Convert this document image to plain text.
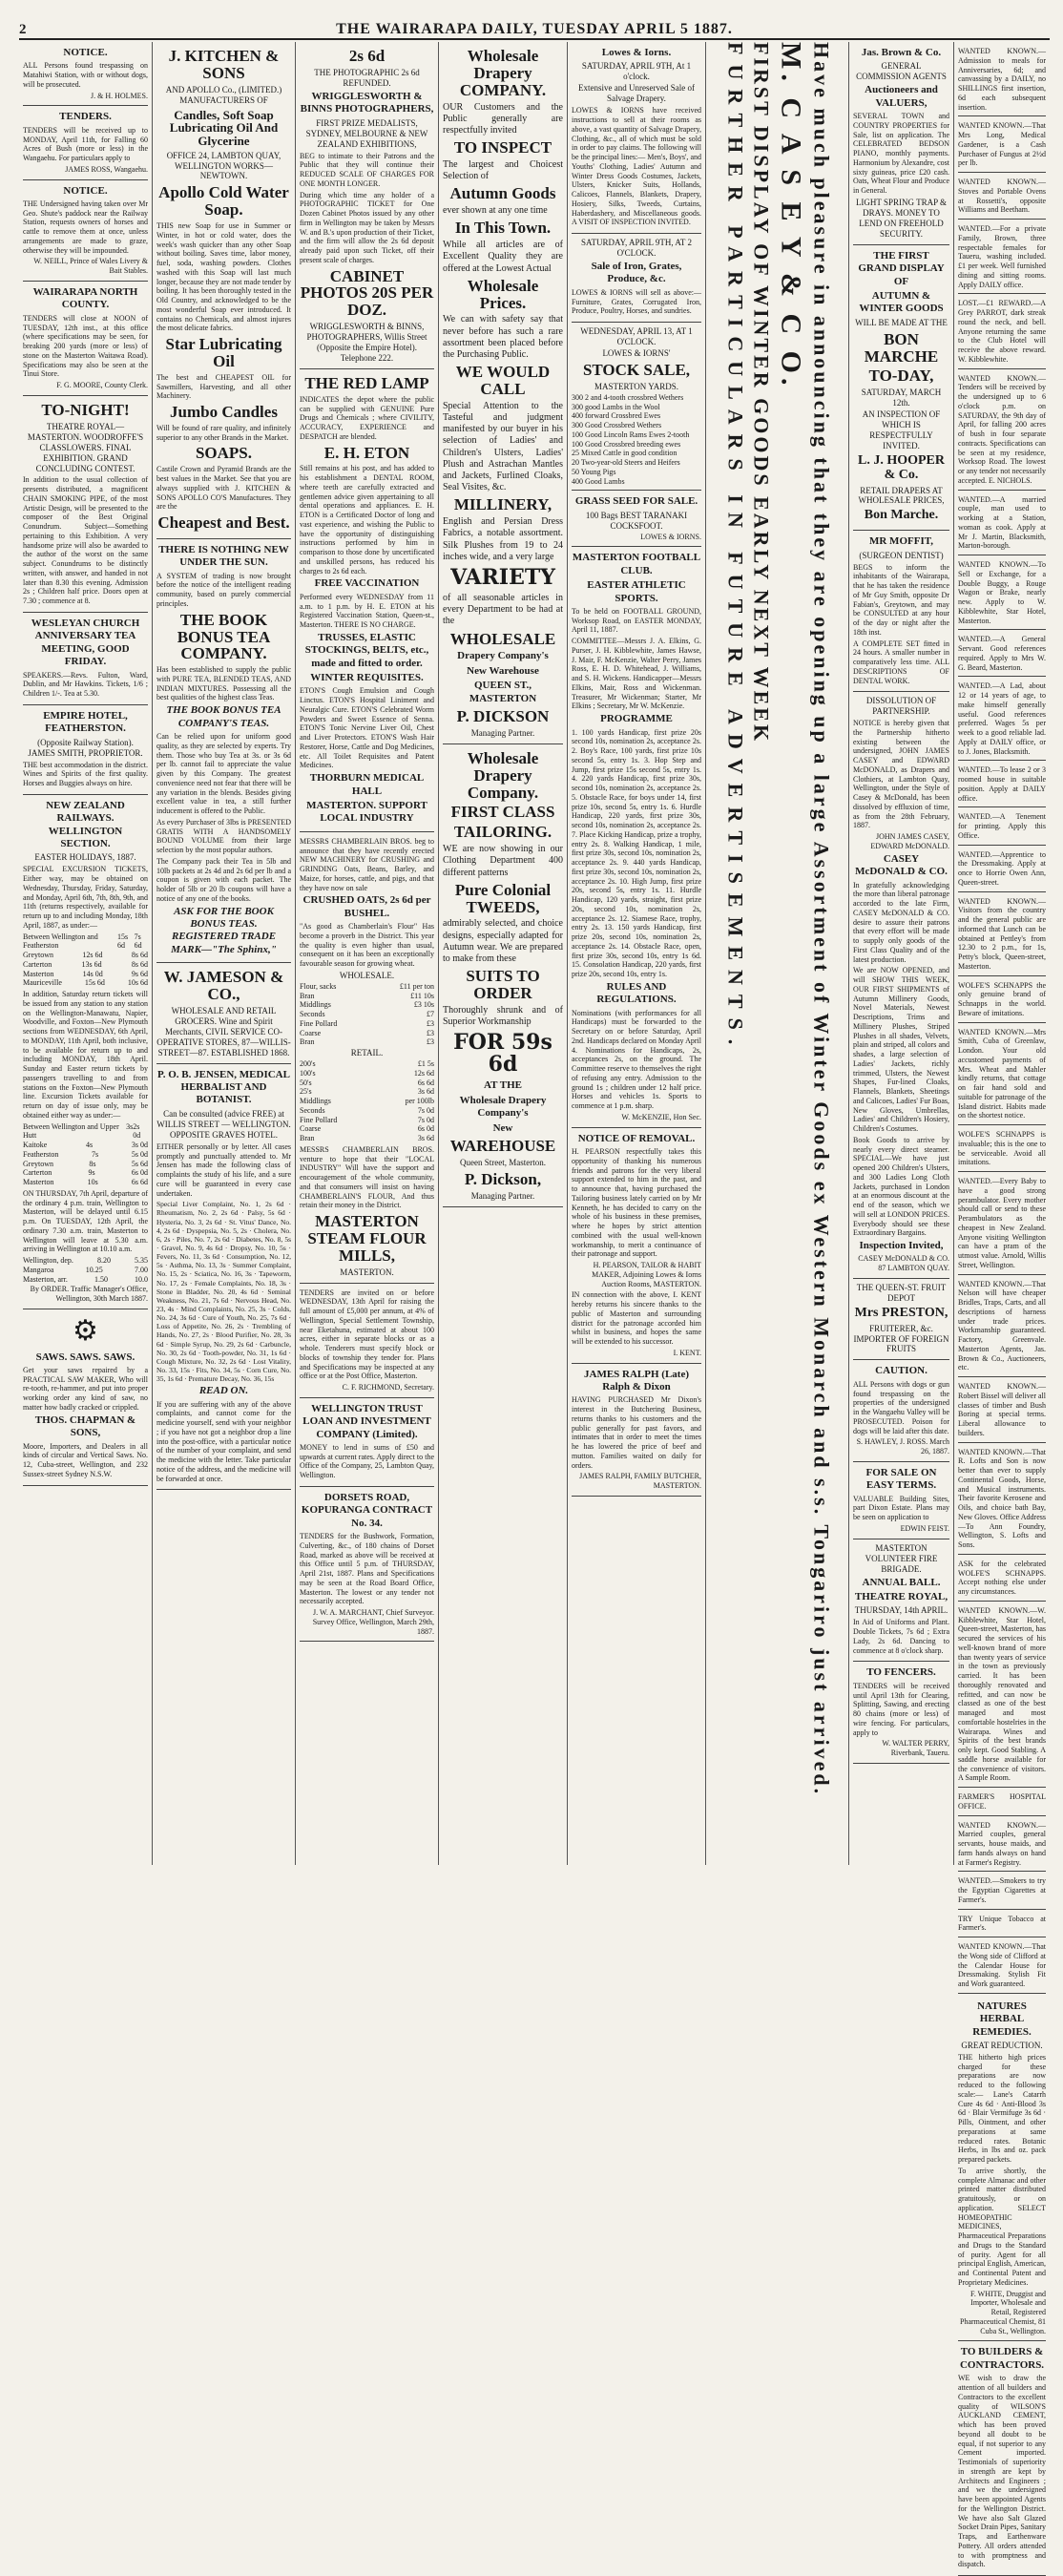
2	THE WAIRARAPA DAILY, TUESDAY APRIL 5 1887.
NOTICE.
ALL Persons found trespassing on Matahiwi Station, with or without dogs, will be prosecuted.
J. & H. HOLMES.
TENDERS.
TENDERS will be received up to MONDAY, April 11th, for Falling 60 Acres of Bush (more or less) in the Wangaehu. For particulars apply to
JAMES ROSS, Wangaehu.
NOTICE.
THE Undersigned having taken over Mr Geo. Shute's paddock near the Railway Station, requests owners of horses and cattle to remove them at once, unless arrangements are made to graze, otherwise they will be impounded.
W. NEILL, Prince of Wales Livery & Bait Stables.
WAIRARAPA NORTH COUNTY.
TENDERS will close at NOON of TUESDAY, 12th inst., at this office (where specifications may be seen, for breaking 200 yards (more or less) of stone on the Masterton Waitawa Road). Specifications may also be seen at the Tinui Store.
F. G. MOORE, County Clerk.
TO-NIGHT!
THEATRE ROYAL—MASTERTON. WOODROFFE'S CLASSLOWERS. FINAL EXHIBITION. GRAND CONCLUDING CONTEST.
In addition to the usual collection of presents distributed, a magnificent CHAIN SMOKING PIPE, of the most Artistic Design, will be presented to the composer of the Best Original Conundrum. Subject—Something pertaining to this Exhibition. A very handsome prize will also be awarded to the author of the worst on the same subject. Conundrums to be distinctly written, with answer, and handed in not later than 8.30 this evening. Admission 2s ; Children half price. Doors open at 7.30 ; commence at 8.
WESLEYAN CHURCH ANNIVERSARY TEA MEETING, GOOD FRIDAY.
SPEAKERS.—Revs. Fulton, Ward, Dublin, and Mr Hawkins. Tickets, 1/6 ; Children 1/-. Tea at 5.30.
EMPIRE HOTEL, FEATHERSTON.
(Opposite Railway Station). JAMES SMITH, PROPRIETOR.
THE best accommodation in the district. Wines and Spirits of the first quality. Horses and Buggies always on hire.
NEW ZEALAND RAILWAYS. WELLINGTON SECTION.
EASTER HOLIDAYS, 1887.
SPECIAL EXCURSION TICKETS, Either way, may be obtained on Wednesday, Thursday, Friday, Saturday, and Monday, April 6th, 7th, 8th, 9th, and 11th (returns respectively, available for return up to and including Monday, 18th April, 1887, as under:—
Between Wellington and Featherston
15s 6d
7s 6d
Greytown	12s 6d	8s 6d
Carterton	13s 6d	8s 6d
Masterton	14s 0d	9s 6d
Mauriceville	15s 6d	10s 6d
In addition, Saturday return tickets will be issued from any station to any station on the Wellington-Manawatu, Napier, Woodville, and Foxton—New Plymouth sections from WEDNESDAY, 6th April, to MONDAY, 11th April, both inclusive, to be available for return up to and including MONDAY, 18th April. Sunday and Easter return tickets by passengers travelling to and from stations on the Foxton—New Plymouth line. Excursion Tickets available for return on day of issue only, may be obtained either way as under:—
Between Wellington and Upper Hutt
3s 2s 0d
Kaitoke	4s	3s 0d
Featherston	7s	5s 0d
Greytown	8s	5s 6d
Carterton	9s	6s 0d
Masterton	10s	6s 6d
ON THURSDAY, 7th April, departure of the ordinary 4 p.m. train, Wellington to Masterton, will be delayed until 6.15 p.m. On TUESDAY, 12th April, the ordinary 7.30 a.m. train, Masterton to Wellington will leave at 5.30 a.m. arriving in Wellington at 10.10 a.m.
Wellington, dep.	8.20	5.35
Mangaroa	10.25	7.00
Masterton, arr.	1.50	10.0
By ORDER. Traffic Manager's Office, Wellington, 30th March 1887.
⚙
SAWS. SAWS. SAWS.
Get your saws repaired by a PRACTICAL SAW MAKER, Who will re-tooth, re-hammer, and put into proper working order any kind of saw, no matter how badly cracked or crippled.
THOS. CHAPMAN & SONS,
Moore, Importers, and Dealers in all kinds of circular and Vertical Saws. No. 12, Cuba-street, Wellington, and 232 Sussex-street Sydney N.S.W.
J. KITCHEN & SONS
AND APOLLO Co., (LIMITED.) MANUFACTURERS OF
Candles, Soft Soap Lubricating Oil And Glycerine
OFFICE 24, LAMBTON QUAY, WELLINGTON WORKS—NEWTOWN.
Apollo Cold Water Soap.
THIS new Soap for use in Summer or Winter, in hot or cold water, does the week's wash quicker than any other Soap without boiling. Saves time, labor money, fuel, soda, washing powders. Clothes washed with this Soap will last much longer, because they are not made tender by boiling. It has been thoroughly tested in the Old Country, and acknowledged to be the most wonderful Soap ever introduced. It contains no Chemicals, and almost injures the most delicate fabrics.
Star Lubricating Oil
The best and CHEAPEST OIL for Sawmillers, Harvesting, and all other Machinery.
Jumbo Candles
Will be found of rare quality, and infinitely superior to any other Brands in the Market.
SOAPS.
Castile Crown and Pyramid Brands are the best values in the Market. See that you are always supplied with J. KITCHEN & SONS APOLLO CO'S Manufactures. They are the
Cheapest and Best.
THERE IS NOTHING NEW UNDER THE SUN.
A SYSTEM of trading is now brought before the notice of the intelligent reading community, based on purely commercial principles.
THE BOOK BONUS TEA COMPANY.
Has been established to supply the public with PURE TEA, BLENDED TEAS, AND INDIAN MIXTURES. Possessing all the best qualities of the highest class Teas.
THE BOOK BONUS TEA COMPANY'S TEAS.
Can be relied upon for uniform good quality, as they are selected by experts. Try them. Those who buy Tea at 3s. or 3s 6d per lb. cannot fail to appreciate the value given by this Company. The greatest convenience need not fear that there will be any variation in the blends. Besides giving excellent value in tea, a still further inducement is offered to the Public.
As every Purchaser of 3lbs is PRESENTED GRATIS WITH A HANDSOMELY BOUND VOLUME from their large selection by the most popular authors.
The Company pack their Tea in 5lb and 10lb packets at 2s 4d and 2s 6d per lb and a coupon is given with each packet. The holder of 5lb or 20 lb coupons will have a notice of any one of the books.
ASK FOR THE BOOK BONUS TEAS. REGISTERED TRADE MARK—"The Sphinx,"
W. JAMESON & CO.,
WHOLESALE AND RETAIL GROCERS. Wine and Spirit Merchants, CIVIL SERVICE CO-OPERATIVE STORES, 87—WILLIS-STREET—87. ESTABLISHED 1868.
P. O. B. JENSEN, MEDICAL HERBALIST AND BOTANIST.
Can be consulted (advice FREE) at WILLIS STREET — WELLINGTON. OPPOSITE GRAVES HOTEL.
EITHER personally or by letter. All cases promptly and punctually attended to. Mr Jensen has made the following class of complaints the study of his life, and a sure cure will be guaranteed in every case undertaken.
Special Liver Complaint, No. 1, 2s 6d · Rheumatism, No. 2, 2s 6d · Palsy, 5s 6d · Hysteria, No. 3, 2s 6d · St. Vitus' Dance, No. 4, 2s 6d · Dyspepsia, No. 5, 2s · Cholera, No. 6, 2s · Piles, No. 7, 2s 6d · Diabetes, No. 8, 5s · Gravel, No. 9, 4s 6d · Dropsy, No. 10, 5s · Fevers, No. 11, 3s 6d · Consumption, No. 12, 5s · Asthma, No. 13, 3s · Summer Complaint, No. 15, 2s · Sciatica, No. 16, 3s · Tapeworm, No. 17, 2s · Female Complaints, No. 18, 3s · Stone in Bladder, No. 20, 4s 6d · Seminal Weakness, No. 21, 7s 6d · Nervous Head, No. 23, 4s · Mind Complaints, No. 25, 3s · Colds, No. 24, 3s 6d · Cure of Youth, No. 25, 7s 6d · Loss of Appetite, No. 26, 2s · Trembling of Hands, No. 27, 2s · Blood Purifier, No. 28, 3s 6d · Simple Syrup, No. 29, 2s 6d · Carbuncle, No. 30, 2s 6d · Tooth-powder, No. 31, 1s 6d · Cough Mixture, No. 32, 2s 6d · Lost Vitality, No. 33, 15s · Fits, No. 34, 5s · Corn Cure, No. 35, 1s 6d · Premature Decay, No. 36, 15s
READ ON.
If you are suffering with any of the above complaints, and cannot come for the medicine yourself, send with your neighbor ; if you have not got a neighbor drop a line into the post-office, with a particular notice of the number of your complaint, and send the medicine with the letter. Take particular notice of the address, and the medicine will be forwarded at once.
2s 6d
THE PHOTOGRAPHIC 2s 6d REFUNDED.
WRIGGLESWORTH & BINNS PHOTOGRAPHERS,
FIRST PRIZE MEDALISTS, SYDNEY, MELBOURNE & NEW ZEALAND EXHIBITIONS,
BEG to intimate to their Patrons and the Public that they will continue their REDUCED SCALE OF CHARGES FOR ONE MONTH LONGER.
During which time any holder of a PHOTOGRAPHIC TICKET for One Dozen Cabinet Photos issued by any other firm in Wellington may be taken by Messrs W. and B.'s upon production of their Ticket, and the firm will allow the 2s 6d deposit already paid upon such Ticket, off their present scale of charges.
CABINET PHOTOS 20S PER DOZ.
WRIGGLESWORTH & BINNS, PHOTOGRAPHERS, Willis Street (Opposite the Empire Hotel). Telephone 222.
THE RED LAMP
INDICATES the depot where the public can be supplied with GENUINE Pure Drugs and Chemicals ; where CIVILITY, ACCURACY, EXPERIENCE and DESPATCH are blended.
E. H. ETON
Still remains at his post, and has added to his establishment a DENTAL ROOM, where teeth are carefully extracted and gentlemen advice given appertaining to all dental operations and appliances. E. H. ETON is a Certificated Doctor of long and vast experience, and wishing the Public to have the opportunity of distinguishing instructions performed by him in comparison to those done by uncertificated and unskilled persons, has reduced his charges to 2s 6d each.
FREE VACCINATION
Performed every WEDNESDAY from 11 a.m. to 1 p.m. by H. E. ETON at his Registered Vaccination Station, Queen-st., Masterton. THERE IS NO CHARGE.
TRUSSES, ELASTIC STOCKINGS, BELTS, etc., made and fitted to order.
WINTER REQUISITES.
ETON'S Cough Emulsion and Cough Linctus. ETON'S Hospital Liniment and Neuralgic Cure. ETON'S Celebrated Worm Powders and Sweet Essence of Senna. ETON'S Tonic Nervine Liver Oil, Chest and Liver Protectors. ETON'S Wash Hair Restorer, Horse, Cattle and Dog Medicines, etc. All Toilet Requisites and Patent Medicines.
THORBURN MEDICAL HALL
MASTERTON. SUPPORT LOCAL INDUSTRY
MESSRS CHAMBERLAIN BROS. beg to announce that they have recently erected NEW MACHINERY for CRUSHING and GRINDING Oats, Beans, Barley, and Maize, for horses, cattle, and pigs, and that they have now on sale
CRUSHED OATS, 2s 6d per BUSHEL.
"As good as Chamberlain's Flour" Has become a proverb in the District. This year the quality is even higher than usual, consequent on it has been an exceptionally favourable season for growing wheat.
WHOLESALE.
Flour, sacks	£11 per ton
Bran	£11 10s
Middlings	£3 10s
Seconds	£7
Fine Pollard	£3
Coarse	£3
Bran	£3
RETAIL.
200's	£1 5s
100's	12s 6d
50's	6s 6d
25's	3s 6d
Middlings	per 100lb
Seconds	7s 0d
Fine Pollard	7s 0d
Coarse	6s 0d
Bran	3s 6d
MESSRS CHAMBERLAIN BROS. venture to hope that their "LOCAL INDUSTRY" Will have the support and encouragement of the whole community, and that consumers will insist on having CHAMBERLAIN'S FLOUR, And thus retain their money in the District.
MASTERTON STEAM FLOUR MILLS,
MASTERTON.
TENDERS are invited on or before WEDNESDAY, 13th April for raising the full amount of £5,000 per annum, at 4% of Wellington, Special Settlement Township, near Eketahuna, estimated at about 100 acres, either in separate blocks or as a whole. Tenderers must specify block or blocks of township they tender for. Plans and Specifications may be inspected at any office or at the Post Office, Masterton.
C. F. RICHMOND, Secretary.
WELLINGTON TRUST LOAN AND INVESTMENT COMPANY (Limited).
MONEY to lend in sums of £50 and upwards at current rates. Apply direct to the Office of the Company, 25, Lambton Quay, Wellington.
DORSETS ROAD, KOPURANGA CONTRACT No. 34.
TENDERS for the Bushwork, Formation, Culverting, &c., of 180 chains of Dorset Road, marked as above will be received at this Office until 5 p.m. of THURSDAY, April 21st, 1887. Plans and Specifications may be seen at the Road Board Office, Masterton. The lowest or any tender not necessarily accepted.
J. W. A. MARCHANT, Chief Surveyor. Survey Office, Wellington, March 29th, 1887.
Wholesale Drapery COMPANY.
OUR Customers and the Public generally are respectfully invited
TO INSPECT
The largest and Choicest Selection of
Autumn Goods
ever shown at any one time
In This Town.
While all articles are of Excellent Quality they are offered at the Lowest Actual
Wholesale Prices.
We can with safety say that never before has such a rare assortment been placed before the Purchasing Public.
WE WOULD CALL
Special Attention to the Tasteful and judgment manifested by our buyer in his selection of Ladies' and Children's Ulsters, Ladies' Plush and Astrachan Mantles and Jackets, Furlined Cloaks, Seal Visites, &c.
MILLINERY,
English and Persian Dress Fabrics, a notable assortment. Silk Plushes from 19 to 24 inches wide, and a very large
VARIETY
of all seasonable articles in every Department to be had at the
WHOLESALE
Drapery Company's
New Warehouse
QUEEN ST., MASTERTON
P. DICKSON
Managing Partner.
Wholesale Drapery Company.
FIRST CLASS
TAILORING.
WE are now showing in our Clothing Department 400 different patterns
Pure Colonial TWEEDS,
admirably selected, and choice designs, especially adapted for Autumn wear. We are prepared to make from these
SUITS TO ORDER
Thoroughly shrunk and of Superior Workmanship
FOR 59s 6d
AT THE
Wholesale Drapery Company's
New
WAREHOUSE
Queen Street, Masterton.
P. Dickson,
Managing Partner.
Lowes & Iorns.
SATURDAY, APRIL 9TH, At 1 o'clock.
Extensive and Unreserved Sale of Salvage Drapery.
LOWES & IORNS have received instructions to sell at their rooms as above, a vast quantity of Salvage Drapery, Clothing, &c., all of which must be sold in order to pay claims. The following will be the principal lines:— Men's, Boys', and Youths' Clothing, Ladies' Autumn and Winter Dress Goods Costumes, Jackets, Ulsters, Knicker Suits, Hollands, Calicoes, Flannels, Blankets, Drapery, Hosiery, Silks, Tweeds, Curtains, Haberdashery, and Miscellaneous goods. A VISIT OF INSPECTION INVITED.
SATURDAY, APRIL 9TH, AT 2 O'CLOCK.
Sale of Iron, Grates, Produce, &c.
LOWES & IORNS will sell as above:— Furniture, Grates, Corrugated Iron, Produce, Poultry, Horses, and sundries.
WEDNESDAY, APRIL 13, AT 1 O'CLOCK.
LOWES & IORNS'
STOCK SALE,
MASTERTON YARDS.
300 2 and 4-tooth crossbred Wethers
300 good Lambs in the Wool
400 forward Crossbred Ewes
300 Good Crossbred Wethers
100 Good Lincoln Rams Ewes 2-tooth
100 Good Crossbred breeding ewes
25 Mixed Cattle in good condition
20 Two-year-old Steers and Heifers
50 Young Pigs
400 Good Lambs
GRASS SEED FOR SALE.
100 Bags BEST TARANAKI COCKSFOOT.
LOWES & IORNS.
MASTERTON FOOTBALL CLUB.
EASTER ATHLETIC SPORTS.
To be held on FOOTBALL GROUND, Worksop Road, on EASTER MONDAY, April 11, 1887.
COMMITTEE—Messrs J. A. Elkins, G. Purser, J. H. Kibblewhite, James Hawse, J. Mair, F. McKenzie, Walter Perry, James Ross, E. H. D. Whitehead, J. Williams, and S. H. Wickens. Handicapper—Messrs Elkins, Mair, Ross and Wickenman. Treasurer, Mr Wickenman; Starter, Mr Elkins ; Secretary, Mr W. McKenzie.
PROGRAMME
1. 100 yards Handicap, first prize 20s second 10s, nomination 2s, acceptance 2s. 2. Boy's Race, 100 yards, first prize 10s second 5s, entry 1s. 3. Hop Step and Jump, first prize 15s second 5s, entry 1s. 4. 220 yards Handicap, first prize 30s, second 10s, nomination 2s, acceptance 2s. 5. Obstacle Race, for boys under 14, first prize 10s, second 5s, entry 1s. 6. Hurdle Handicap, 220 yards, first prize 30s, second 10s, nomination 2s, acceptance 2s. 7. Place Kicking Handicap, prize a trophy, entry 2s. 8. Walking Handicap, 1 mile, first prize 30s, second 10s, nomination 2s, acceptance 2s. 9. 440 yards Handicap, first prize 30s, second 10s, nomination 2s, acceptance 2s. 10. High Jump, first prize 20s, second 5s, entry 1s. 11. Hurdle Handicap, 120 yards, straight, first prize 20s, second 10s, nomination 2s, acceptance 2s. 12. Siamese Race, trophy, entry 2s. 13. 150 yards Handicap, first prize 20s, second 10s, nomination 2s, acceptance 2s. 14. Obstacle Race, open, first prize 30s, second 10s, entry 1s 6d. 15. Consolation Handicap, 220 yards, first prize 20s, second 10s, entry 1s.
RULES AND REGULATIONS.
Nominations (with performances for all Handicaps) must be forwarded to the Secretary on or before Saturday, April 2nd. Handicaps declared on Monday April 4. Nominations for Handicaps, 2s, acceptances 2s, on the ground. The Committee reserve to themselves the right of refusing any entry. Admission to the ground 1s ; children under 12 half price. Horses and vehicles 1s. Sports to commence at 1 p.m. sharp.
W. McKENZIE, Hon Sec.
NOTICE OF REMOVAL.
H. PEARSON respectfully takes this opportunity of thanking his numerous friends and patrons for the very liberal support extended to him in the past, and to announce that, having purchased the Tailoring business lately carried on by Mr Kenneth, he has decided to carry on the whole of his business in these premises, where he hopes by strict attention combined with the usual well-known workmanship, to merit a continuance of their patronage and support.
H. PEARSON, TAILOR & HABIT MAKER, Adjoining Lowes & Iorns Auction Rooms, MASTERTON.
IN connection with the above, I. KENT hereby returns his sincere thanks to the public of Masterton and surrounding district for the patronage accorded him whilst in business, and hopes the same will be extended to his successor.
I. KENT.
JAMES RALPH (Late) Ralph & Dixon
HAVING PURCHASED Mr Dixon's interest in the Butchering Business, returns thanks to his customers and the public generally for past favors, and intimates that in order to meet the times he has lowered the price of beef and mutton. Families waited on daily for orders.
JAMES RALPH, FAMILY BUTCHER, MASTERTON.	Have much pleasure in announcing that they are opening up a large Assortment of Winter Goods ex Western Monarch and s.s. Tongariro just arrived.
M. C A S E Y & C O.
FIRST DISPLAY OF WINTER GOODS EARLY NEXT WEEK
FURTHER PARTICULARS IN FUTURE ADVERTISEMENTS.	Jas. Brown & Co.
GENERAL COMMISSION AGENTS
Auctioneers and VALUERS,
SEVERAL TOWN and COUNTRY PROPERTIES for Sale, list on application. The CELEBRATED BEDSON PIANO, monthly payments. Harmonium by Alexandre, cost sixty guineas, price £20 cash. Oats, Wheat Flour and Produce in General.
LIGHT SPRING TRAP & DRAYS. MONEY TO LEND ON FREEHOLD SECURITY.
THE FIRST GRAND DISPLAY OF
AUTUMN & WINTER GOODS
WILL BE MADE AT THE
BON MARCHE
TO-DAY,
SATURDAY, MARCH 12th.
AN INSPECTION OF WHICH IS RESPECTFULLY INVITED.
L. J. HOOPER & Co.
RETAIL DRAPERS AT WHOLESALE PRICES,
Bon Marche.
MR MOFFIT,
(SURGEON DENTIST)
BEGS to inform the inhabitants of the Wairarapa, that he has taken the residence of Mr Guy Smith, opposite Dr Fabian's, Greytown, and may be CONSULTED at any hour of the day or night after the 18th inst.
A COMPLETE SET fitted in 24 hours. A smaller number in comparatively less time. ALL DESCRIPTIONS OF DENTAL WORK.
DISSOLUTION OF PARTNERSHIP.
NOTICE is hereby given that the Partnership hitherto existing between the undersigned, JOHN JAMES CASEY and EDWARD McDONALD, as Drapers and Clothiers, at Lambton Quay, Wellington, under the Style of Casey & McDonald, has been dissolved by effluxion of time, as from the 28th February, 1887.
JOHN JAMES CASEY, EDWARD McDONALD.
CASEY McDONALD & CO.
In gratefully acknowledging the more than liberal patronage accorded to the late Firm, CASEY McDONALD & CO. desire to assure their patrons that every effort will be made to supply only goods of the First Class Quality and of the latest production.
We are NOW OPENED, and will SHOW THIS WEEK, OUR FIRST SHIPMENTS of Autumn Millinery Goods, Novel Materials, Newest Descriptions, Trims and Millinery Plushes, Striped Plushes in all shades, Velvets, plain and striped, all colors and shades, a large selection of Ladies' Jackets, richly trimmed, Ulsters, the Newest Shapes, Fur-lined Cloaks, Flannels, Blankets, Sheetings and Calicoes, Ladies' Fur Boas, New Gloves, Umbrellas, Ladies' and Children's Hosiery, Children's Costumes.
Book Goods to arrive by nearly every direct steamer. SPECIAL—We have just opened 200 Children's Ulsters, and 300 Ladies Long Cloth Jackets, purchased in London at an enormous discount at the end of the season, which we will sell at LONDON PRICES. Everybody should see these Extraordinary Bargains.
Inspection Invited,
CASEY McDONALD & CO. 87 LAMBTON QUAY.
THE QUEEN-ST. FRUIT DEPOT
Mrs PRESTON,
FRUITERER, &c. IMPORTER OF FOREIGN FRUITS
CAUTION.
ALL Persons with dogs or gun found trespassing on the properties of the undersigned in the Wangaehu Valley will be PROSECUTED. Poison for dogs will be laid after this date.
S. HAWLEY, J. ROSS. March 26, 1887.
FOR SALE ON EASY TERMS.
VALUABLE Building Sites, part Dixon Estate. Plans may be seen on application to
EDWIN FEIST.
MASTERTON VOLUNTEER FIRE BRIGADE.
ANNUAL BALL.
THEATRE ROYAL,
THURSDAY, 14th APRIL.
In Aid of Uniforms and Plant. Double Tickets, 7s 6d ; Extra Lady, 2s 6d. Dancing to commence at 8 o'clock sharp.
TO FENCERS.
TENDERS will be received until April 13th for Clearing, Splitting, Sawing, and erecting 80 chains (more or less) of wire fencing. For particulars, apply to
W. WALTER PERRY, Riverbank, Taueru.
WANTED KNOWN.—Admission to meals for Anniversaries, 6d; and canvassing by a DAILY, no SHILLINGS first insertion, 6d each subsequent insertion.
WANTED KNOWN.—That Mrs Long, Medical Gardener, is a Cash Purchaser of Fungus at 2½d per lb.
WANTED KNOWN.—Stoves and Portable Ovens at Rossetti's, opposite Williams and Beetham.
WANTED.—For a private Family, Brown, three respectable females for Taueru, washing included. £1 per week. Well furnished dining and sitting rooms. Apply DAILY office.
LOST.—£1 REWARD.—A Grey PARROT, dark streak round the neck, and bell. Anyone returning the same to the Club Hotel will receive the above reward. W. Kibblewhite.
WANTED KNOWN.—Tenders will be received by the undersigned up to 6 o'clock p.m. on SATURDAY, the 9th day of April, for falling 200 acres of bush in four separate contracts. Specifications can be seen at my residence, Worksop Road. The lowest or any tender not necessarily accepted. E. NICHOLS.
WANTED.—A married couple, man used to working at a Station, woman as cook. Apply at Mr J. Martin, Blacksmith, Marton-borough.
WANTED KNOWN.—To Sell or Exchange, for a Double Buggy, a Rouge Wagon or Brake, nearly new. Apply to W. Kibblewhite, Star Hotel, Masterton.
WANTED.—A General Servant. Good references required. Apply to Mrs W. G. Beard, Masterton.
WANTED.—A Lad, about 12 or 14 years of age, to make himself generally useful. Good references preferred. Wages 5s per week to a good reliable lad. Apply at DAILY office, or to J. Jones, Blacksmith.
WANTED.—To lease 2 or 3 roomed house in suitable position. Apply at DAILY office.
WANTED.—A Tenement for printing. Apply this Office.
WANTED.—Apprentice to the Dressmaking. Apply at once to Horrie Owen Ann, Queen-street.
WANTED KNOWN.—Visitors from the country and the general public are informed that Lunch can be obtained at Pettley's from 12.30 to 2 p.m., for 1s, Petty's block, Queen-street, Masterton.
WOLFE'S SCHNAPPS the only genuine brand of Schnapps in the world. Beware of imitations.
WANTED KNOWN.—Mrs Smith, Cuba of Greenlaw, London. Your old accustomed payments of Mrs. Wheat and Mahler kindly returns, that cottage on fair hand sold and suitable for patronage of the Island district. Habits made on the shortest notice.
WOLFE'S SCHNAPPS is invaluable; this is the one to be serviceable. Avoid all imitations.
WANTED.—Every Baby to have a good strong perambulator. Every mother should call or send to these Perambulators as the cheapest in New Zealand. Anyone visiting Wellington can have a pram of the utmost value. Arnold, Willis Street, Wellington.
WANTED KNOWN.—That Nelson will have cheaper Bridles, Traps, Carts, and all descriptions of harness under trade prices. Workmanship guaranteed. Factory, Greenvale. Masterton Agents, Jas. Brown & Co., Auctioneers, etc.
WANTED KNOWN.—Robert Bissel will deliver all classes of timber and Bush Boring at special terms. Liberal allowance to builders.
WANTED KNOWN.—That R. Lofts and Son is now better than ever to supply Continental Goods, Horse, and Musical instruments. Their favorite Kerosene and Oils, and choice bath Bay, New Gloves. Office Address—To Ann Foundry, Wellington, S. Lofts and Sons.
ASK for the celebrated WOLFE'S SCHNAPPS. Accept nothing else under any circumstances.
WANTED KNOWN.—W. Kibblewhite, Star Hotel, Queen-street, Masterton, has secured the services of his well-known brand of more than twenty years of service in the town as previously carried. It has been thoroughly renovated and refitted, and can now be classed as one of the best managed and most comfortable hostelries in the Wairarapa. Wines and Spirits of the best brands only kept. Good Stabling. A saddle horse available for the convenience of visitors. A Sample Room.
FARMER'S HOSPITAL OFFICE.
WANTED KNOWN.—Married couples, general servants, house maids, and farm hands always on hand at Farmer's Registry.
WANTED.—Smokers to try the Egyptian Cigarettes at Farmer's.
TRY Unique Tobacco at Farmer's.
WANTED KNOWN.—That the Wong side of Clifford at the Calendar House for Dressmaking. Stylish Fit and Work guaranteed.
NATURES HERBAL REMEDIES.
GREAT REDUCTION.
THE hitherto high prices charged for these preparations are now reduced to the following scale:— Lane's Catarrh Cure 4s 6d · Anti-Blood 3s 6d · Blair Vermifuge 3s 6d · Pills, Ointment, and other preparations at same reduced rates. Botanic Herbs, in lbs and oz. pack prepared packets.
To arrive shortly, the complete Almanac and other printed matter distributed gratuitously, or on application. SELECT HOMEOPATHIC MEDICINES, Pharmaceutical Preparations and Drugs to the Standard of purity. Agent for all principal English, American, and Continental Patent and Proprietary Medicines.
F. WHITE, Druggist and Importer, Wholesale and Retail, Registered Pharmaceutical Chemist, 81 Cuba St., Wellington.
TO BUILDERS & CONTRACTORS.
WE wish to draw the attention of all builders and Contractors to the excellent quality of WILSON'S AUCKLAND CEMENT, which has been proved beyond all doubt to be equal, if not superior to any Cement imported. Testimonials of superiority in strength are kept by Architects and Engineers ; and we the undersigned have been appointed Agents for the Wellington District. We have also Salt Glazed Socket Drain Pipes, Sanitary Traps, and Earthenware Pottery. All orders attended to with promptness and dispatch.
